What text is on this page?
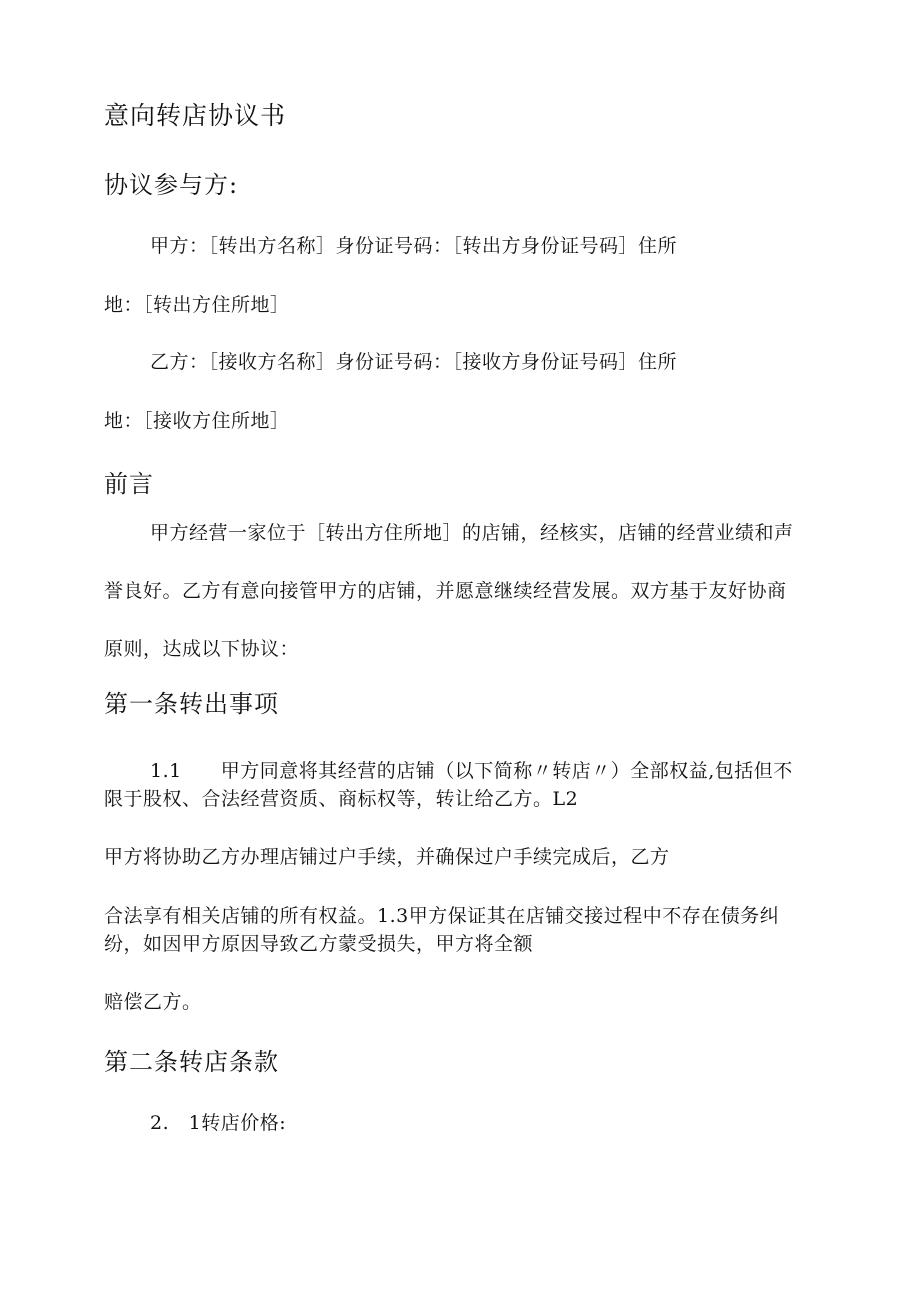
意向转店协议书
协议参与方:
甲方：［转出方名称］身份证号码：［转出方身份证号码］住所
地：［转出方住所地］
乙方：［接收方名称］身份证号码：［接收方身份证号码］住所
地：［接收方住所地］
前言
甲方经营一家位于［转出方住所地］的店铺，经核实，店铺的经营业绩和声
誉良好。乙方有意向接管甲方的店铺，并愿意继续经营发展。双方基于友好协商
原则，达成以下协议：
第一条转出事项
1.1　　甲方同意将其经营的店铺（以下简称〃转店〃）全部权益,包括但不
限于股权、合法经营资质、商标权等，转让给乙方。L2
甲方将协助乙方办理店铺过户手续，并确保过户手续完成后，乙方
合法享有相关店铺的所有权益。1.3甲方保证其在店铺交接过程中不存在债务纠
纷，如因甲方原因导致乙方蒙受损失，甲方将全额
赔偿乙方。
第二条转店条款
2.　1转店价格:
